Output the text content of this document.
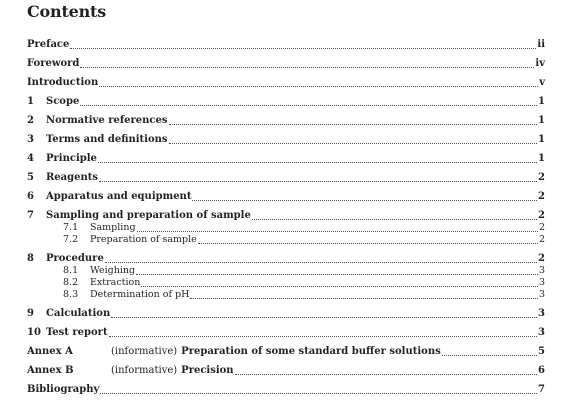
Contents
Preface	ii
Foreword	iv
Introduction	v
1	Scope	1
2	Normative references	1
3	Terms and definitions	1
4	Principle	1
5	Reagents	2
6	Apparatus and equipment	2
7	Sampling and preparation of sample	2
7.1	Sampling	2
7.2	Preparation of sample	2
8	Procedure	2
8.1	Weighing	3
8.2	Extraction	3
8.3	Determination of pH	3
9	Calculation	3
10 Test report	3
Annex A	(informative) Preparation of some standard buffer solutions	5
Annex B	(informative) Precision	6
Bibliography	7
